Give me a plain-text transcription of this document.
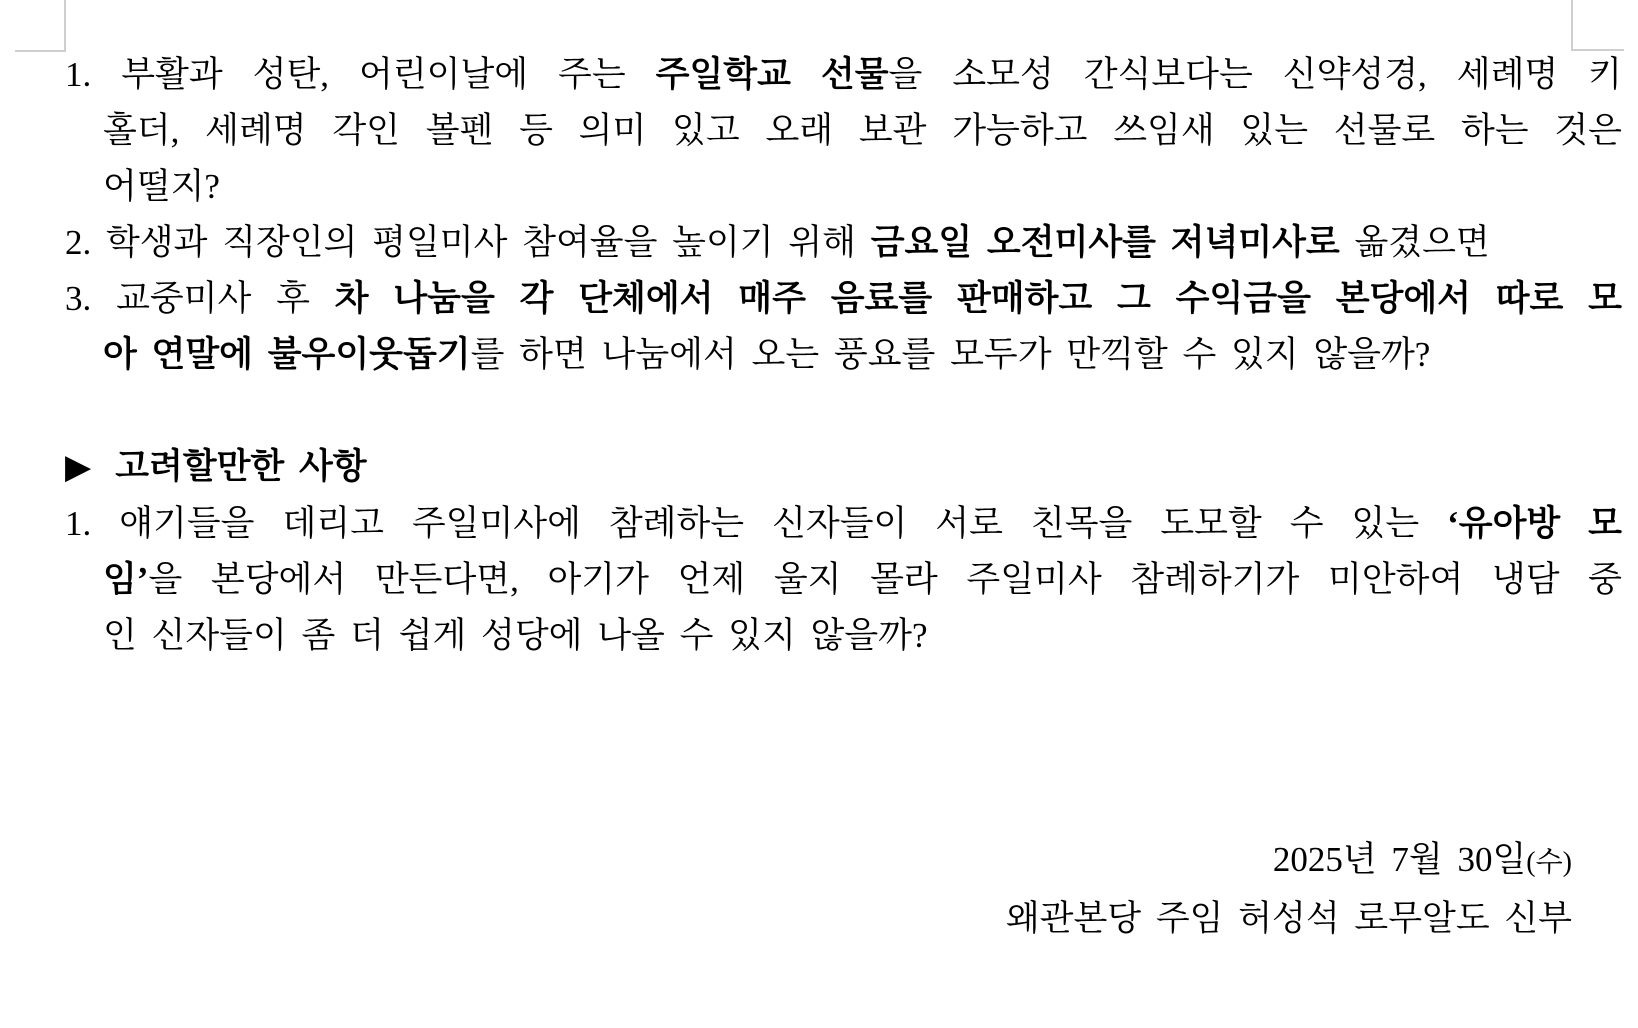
1. 부활과 성탄, 어린이날에 주는 주일학교 선물을 소모성 간식보다는 신약성경, 세례명 키
홀더, 세례명 각인 볼펜 등 의미 있고 오래 보관 가능하고 쓰임새 있는 선물로 하는 것은
어떨지?
2. 학생과 직장인의 평일미사 참여율을 높이기 위해 금요일 오전미사를 저녁미사로 옮겼으면
3. 교중미사 후 차 나눔을 각 단체에서 매주 음료를 판매하고 그 수익금을 본당에서 따로 모
아 연말에 불우이웃돕기를 하면 나눔에서 오는 풍요를 모두가 만끽할 수 있지 않을까?

▶ 고려할만한 사항
1. 얘기들을 데리고 주일미사에 참례하는 신자들이 서로 친목을 도모할 수 있는 ‘유아방 모
임’을 본당에서 만든다면, 아기가 언제 울지 몰라 주일미사 참례하기가 미안하여 냉담 중
인 신자들이 좀 더 쉽게 성당에 나올 수 있지 않을까?

2025년 7월 30일(수)
왜관본당 주임 허성석 로무알도 신부
